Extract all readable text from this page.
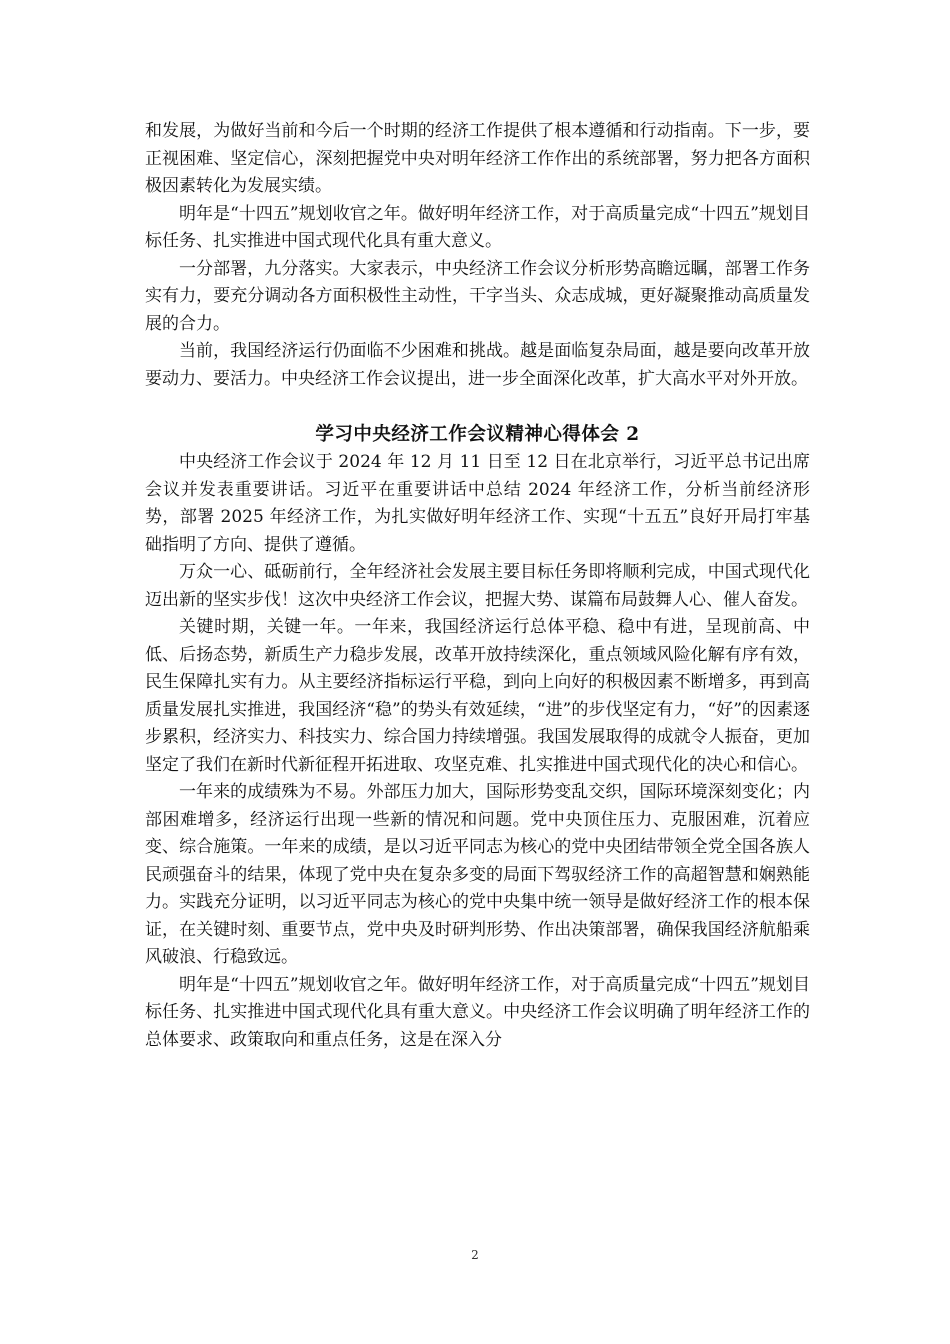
和发展，为做好当前和今后一个时期的经济工作提供了根本遵循和行动指南。下一步，要正视困难、坚定信心，深刻把握党中央对明年经济工作作出的系统部署，努力把各方面积极因素转化为发展实绩。

明年是“十四五”规划收官之年。做好明年经济工作，对于高质量完成“十四五”规划目标任务、扎实推进中国式现代化具有重大意义。

一分部署，九分落实。大家表示，中央经济工作会议分析形势高瞻远瞩，部署工作务实有力，要充分调动各方面积极性主动性，干字当头、众志成城，更好凝聚推动高质量发展的合力。

当前，我国经济运行仍面临不少困难和挑战。越是面临复杂局面，越是要向改革开放要动力、要活力。中央经济工作会议提出，进一步全面深化改革，扩大高水平对外开放。

学习中央经济工作会议精神心得体会 2

中央经济工作会议于 2024 年 12 月 11 日至 12 日在北京举行，习近平总书记出席会议并发表重要讲话。习近平在重要讲话中总结 2024 年经济工作，分析当前经济形势，部署 2025 年经济工作，为扎实做好明年经济工作、实现“十五五”良好开局打牢基础指明了方向、提供了遵循。

万众一心、砥砺前行，全年经济社会发展主要目标任务即将顺利完成，中国式现代化迈出新的坚实步伐！这次中央经济工作会议，把握大势、谋篇布局鼓舞人心、催人奋发。

关键时期，关键一年。一年来，我国经济运行总体平稳、稳中有进，呈现前高、中低、后扬态势，新质生产力稳步发展，改革开放持续深化，重点领域风险化解有序有效，民生保障扎实有力。从主要经济指标运行平稳，到向上向好的积极因素不断增多，再到高质量发展扎实推进，我国经济“稳”的势头有效延续，“进”的步伐坚定有力，“好”的因素逐步累积，经济实力、科技实力、综合国力持续增强。我国发展取得的成就令人振奋，更加坚定了我们在新时代新征程开拓进取、攻坚克难、扎实推进中国式现代化的决心和信心。

一年来的成绩殊为不易。外部压力加大，国际形势变乱交织，国际环境深刻变化；内部困难增多，经济运行出现一些新的情况和问题。党中央顶住压力、克服困难，沉着应变、综合施策。一年来的成绩，是以习近平同志为核心的党中央团结带领全党全国各族人民顽强奋斗的结果，体现了党中央在复杂多变的局面下驾驭经济工作的高超智慧和娴熟能力。实践充分证明，以习近平同志为核心的党中央集中统一领导是做好经济工作的根本保证，在关键时刻、重要节点，党中央及时研判形势、作出决策部署，确保我国经济航船乘风破浪、行稳致远。

明年是“十四五”规划收官之年。做好明年经济工作，对于高质量完成“十四五”规划目标任务、扎实推进中国式现代化具有重大意义。中央经济工作会议明确了明年经济工作的总体要求、政策取向和重点任务，这是在深入分

2
